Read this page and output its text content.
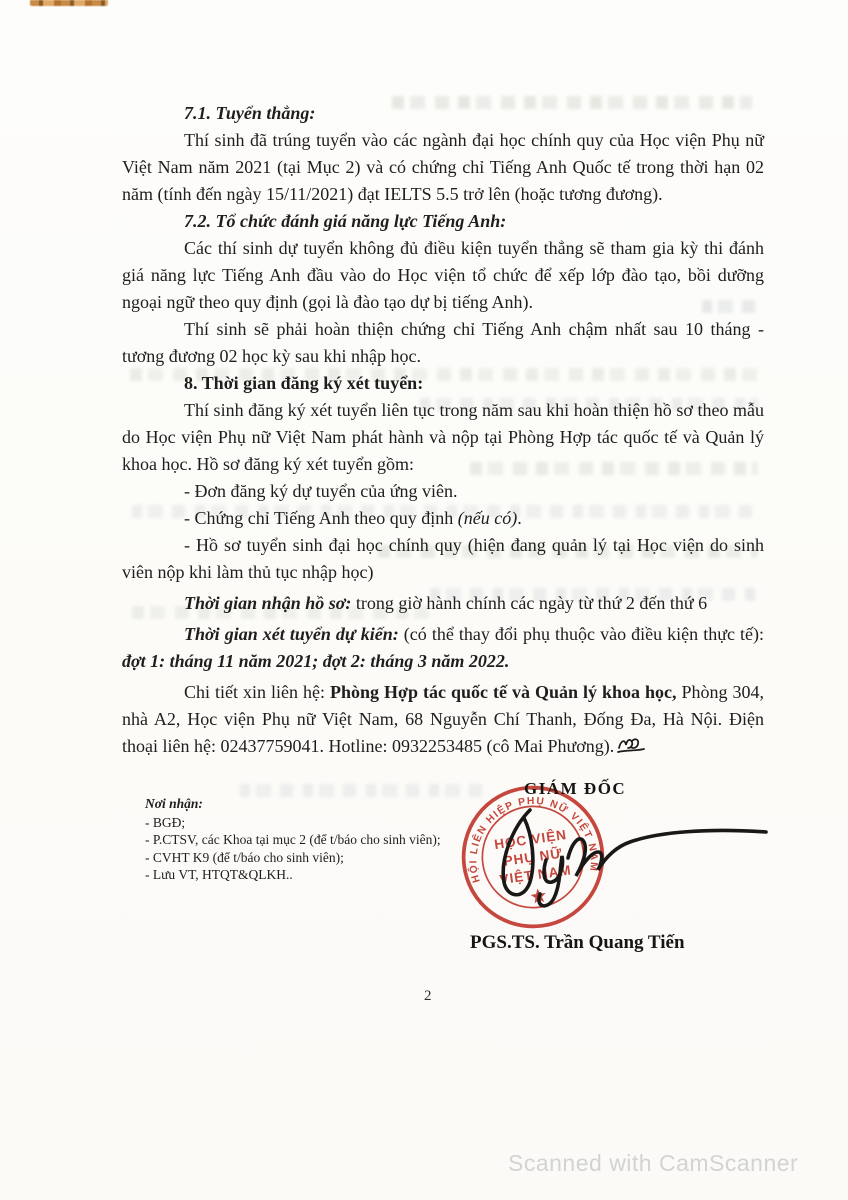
7.1. Tuyển thẳng:

Thí sinh đã trúng tuyển vào các ngành đại học chính quy của Học viện Phụ nữ Việt Nam năm 2021 (tại Mục 2) và có chứng chỉ Tiếng Anh Quốc tế trong thời hạn 02 năm (tính đến ngày 15/11/2021) đạt IELTS 5.5 trở lên (hoặc tương đương).

7.2. Tổ chức đánh giá năng lực Tiếng Anh:

Các thí sinh dự tuyển không đủ điều kiện tuyển thẳng sẽ tham gia kỳ thi đánh giá năng lực Tiếng Anh đầu vào do Học viện tổ chức để xếp lớp đào tạo, bồi dưỡng ngoại ngữ theo quy định (gọi là đào tạo dự bị tiếng Anh).

Thí sinh sẽ phải hoàn thiện chứng chỉ Tiếng Anh chậm nhất sau 10 tháng - tương đương 02 học kỳ sau khi nhập học.

8. Thời gian đăng ký xét tuyển:

Thí sinh đăng ký xét tuyển liên tục trong năm sau khi hoàn thiện hồ sơ theo mẫu do Học viện Phụ nữ Việt Nam phát hành và nộp tại Phòng Hợp tác quốc tế và Quản lý khoa học. Hồ sơ đăng ký xét tuyển gồm:

- Đơn đăng ký dự tuyển của ứng viên.

- Chứng chỉ Tiếng Anh theo quy định (nếu có).

- Hồ sơ tuyển sinh đại học chính quy (hiện đang quản lý tại Học viện do sinh viên nộp khi làm thủ tục nhập học)

Thời gian nhận hồ sơ: trong giờ hành chính các ngày từ thứ 2 đến thứ 6

Thời gian xét tuyển dự kiến: (có thể thay đổi phụ thuộc vào điều kiện thực tế): đợt 1: tháng 11 năm 2021; đợt 2: tháng 3 năm 2022.

Chi tiết xin liên hệ: Phòng Hợp tác quốc tế và Quản lý khoa học, Phòng 304, nhà A2, Học viện Phụ nữ Việt Nam, 68 Nguyễn Chí Thanh, Đống Đa, Hà Nội. Điện thoại liên hệ: 02437759041. Hotline: 0932253485 (cô Mai Phương).

Nơi nhận:

- BGĐ;
- P.CTSV, các Khoa tại mục 2 (để t/báo cho sinh viên);
- CVHT K9 (để t/báo cho sinh viên);
- Lưu VT, HTQT&QLKH..
GIÁM ĐỐC
HỘI LIÊN HIỆP PHỤ NỮ VIỆT NAM
HỌC VIỆN
PHỤ NỮ
VIỆT NAM
PGS.TS. Trần Quang Tiến
2
Scanned with CamScanner
